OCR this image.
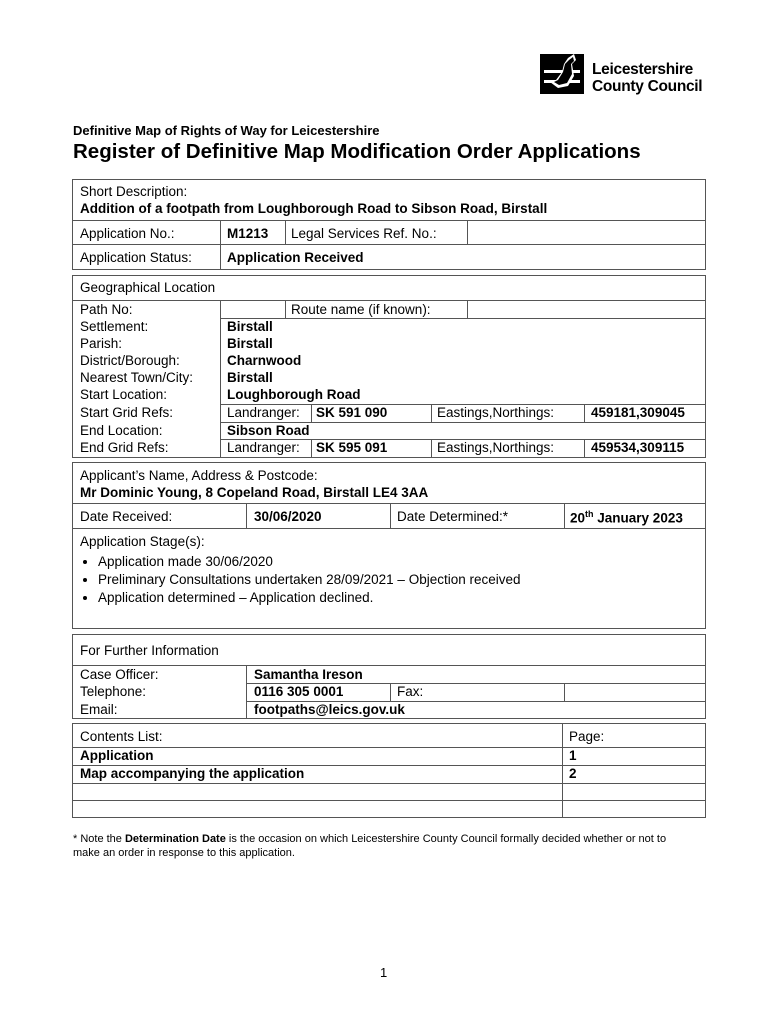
Leicestershire
County Council
Definitive Map of Rights of Way for Leicestershire
Register of Definitive Map Modification Order Applications
Short Description:
Addition of a footpath from Loughborough Road to Sibson Road, Birstall
Application No.:	M1213 Legal Services Ref. No.:
Application Status:	Application Received
Geographical Location
Path No:	Route name (if known):
Settlement:	Birstall
Parish:	Birstall
District/Borough:	Charnwood
Nearest Town/City:	Birstall
Start Location:	Loughborough Road
Start Grid Refs:	Landranger: SK 591 090	Eastings,Northings:	459181,309045
End Location:	Sibson Road
End Grid Refs:	Landranger: SK 595 091	Eastings,Northings:	459534,309115
Applicant’s Name, Address & Postcode:
Mr Dominic Young, 8 Copeland Road, Birstall LE4 3AA
Date Received:	30/06/2020	Date Determined:*	20th January 2023
Application Stage(s):
• Application made 30/06/2020
• Preliminary Consultations undertaken 28/09/2021 – Objection received
• Application determined – Application declined.
For Further Information
Case Officer:	Samantha Ireson
Telephone:	0116 305 0001	Fax:
Email:	footpaths@leics.gov.uk
Contents List:	Page:
Application	1
Map accompanying the application	2
* Note the Determination Date is the occasion on which Leicestershire County Council formally decided whether or not to make an order in response to this application.
1
